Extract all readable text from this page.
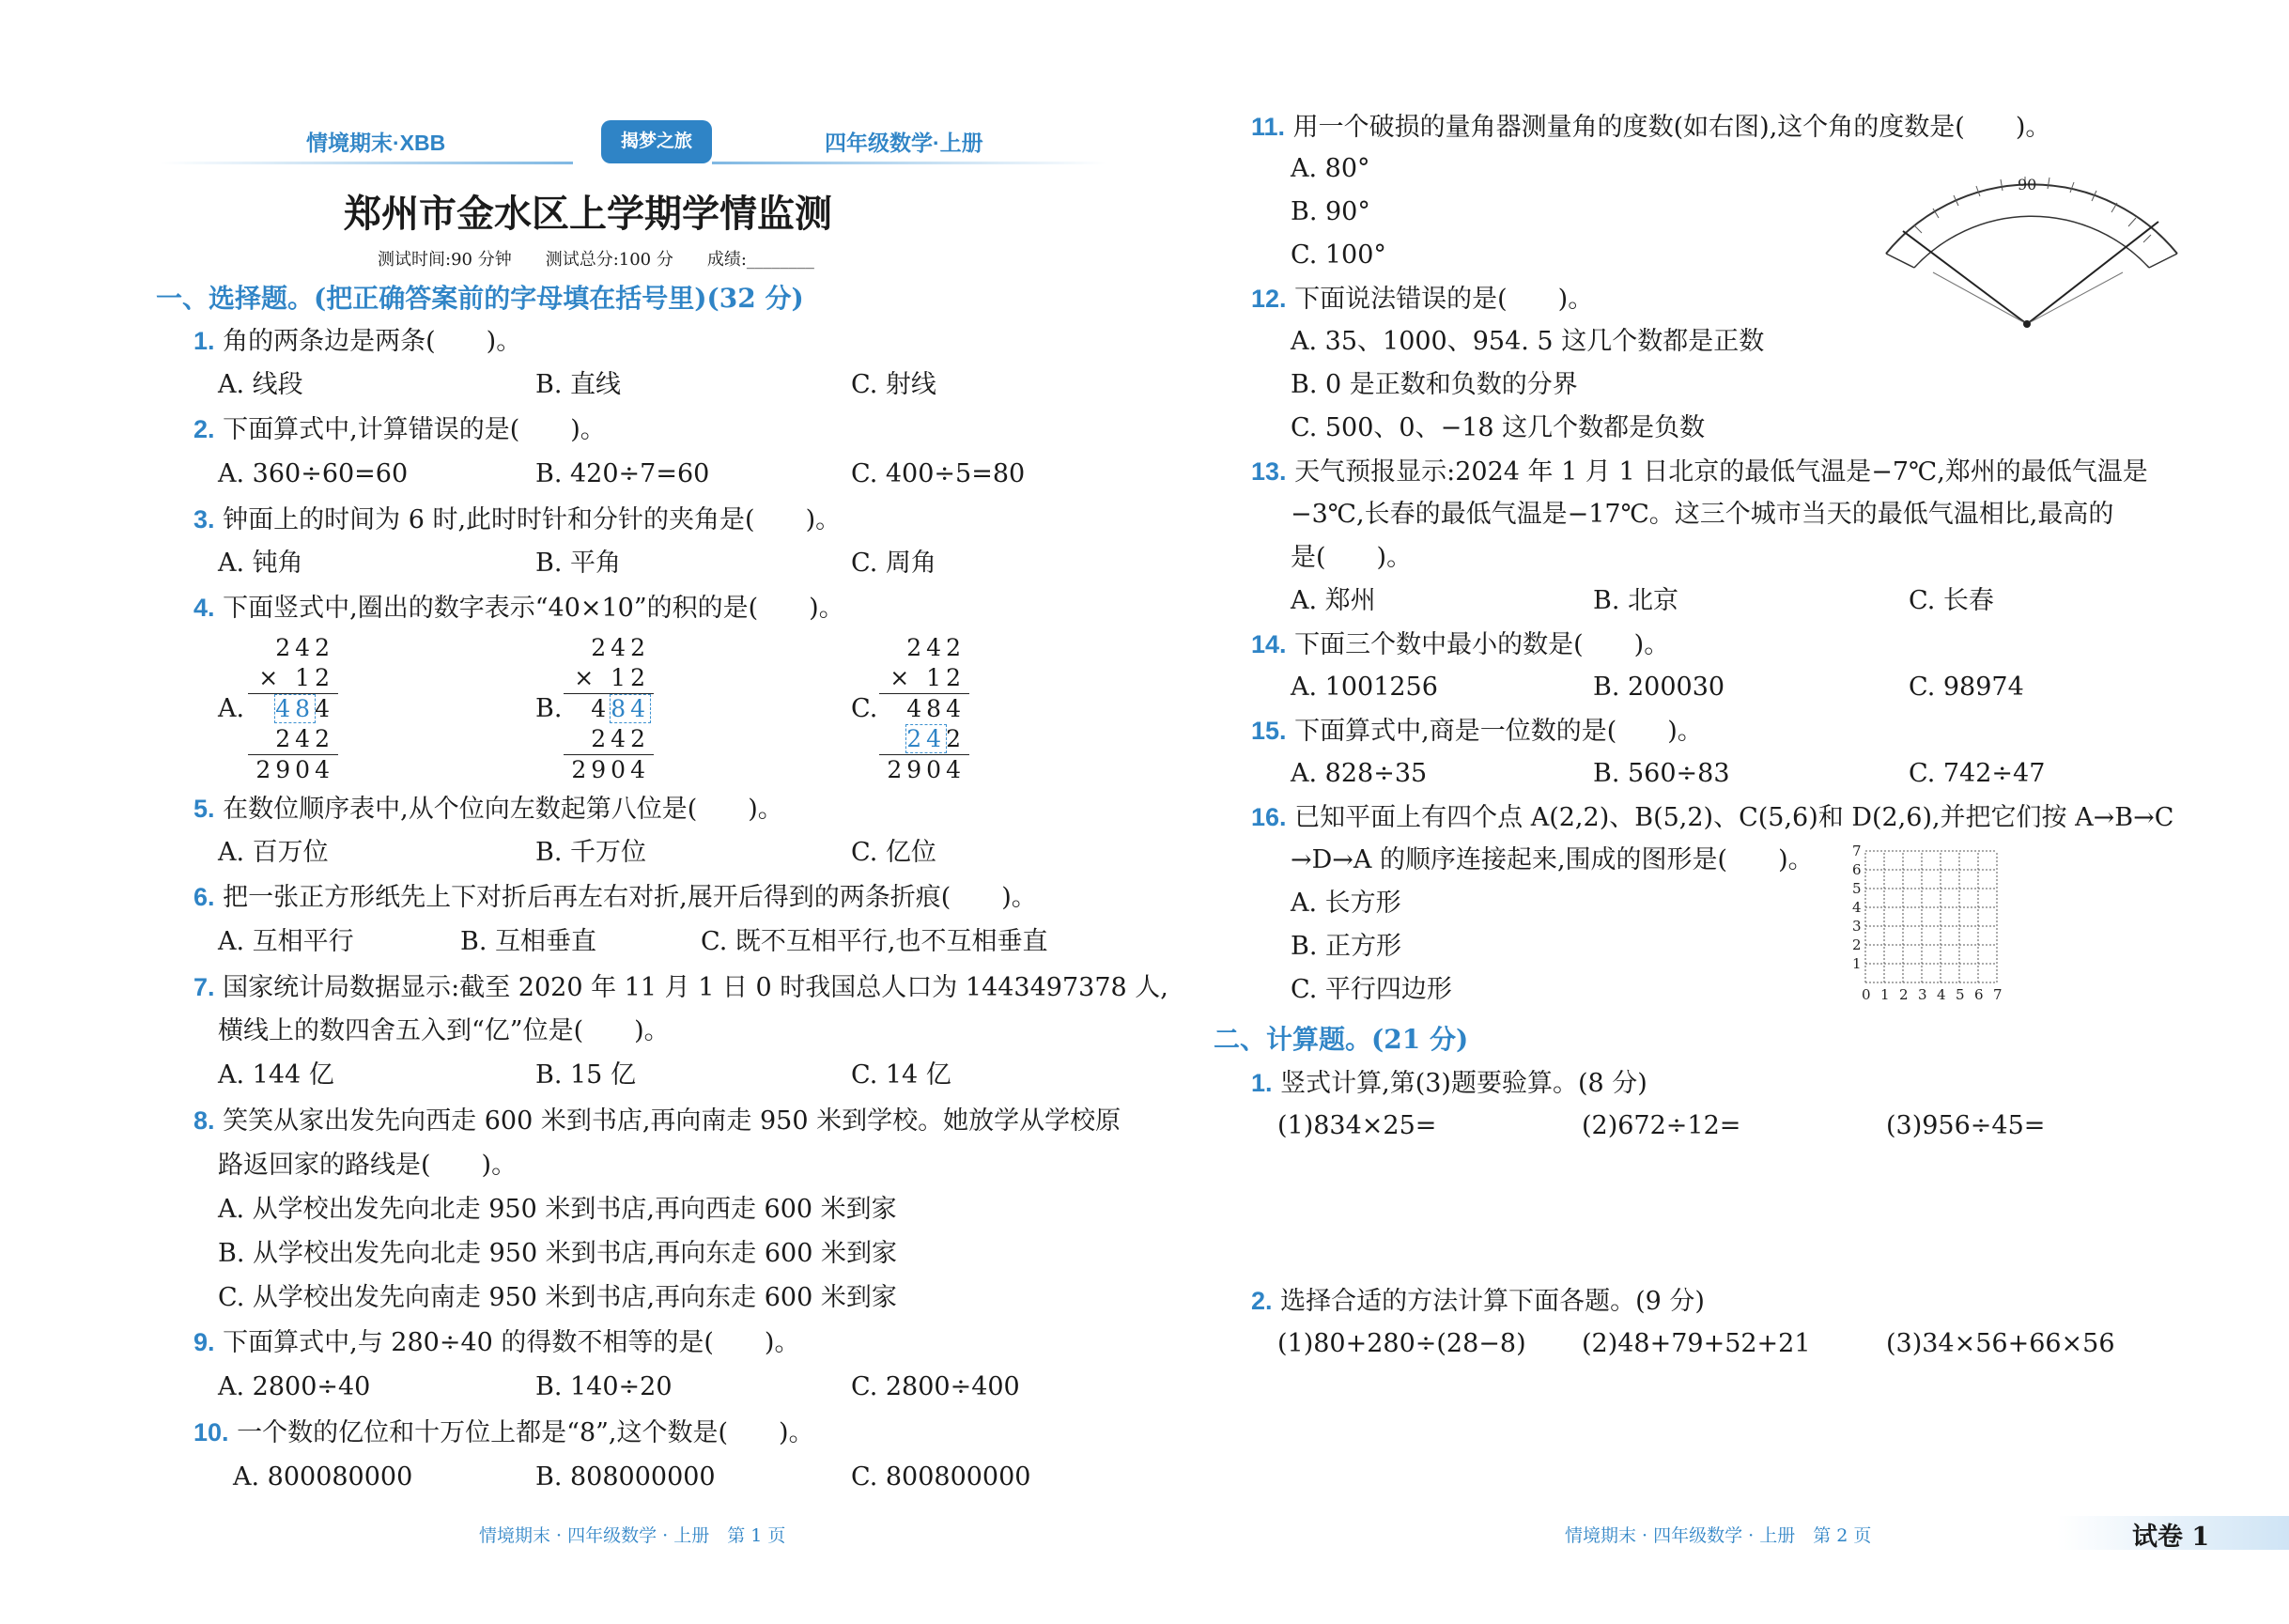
情境期末·XBB	揭梦之旅	四年级数学·上册
郑州市金水区上学期学情监测
测试时间:90 分钟　　测试总分:100 分　　成绩:________
一、选择题。(把正确答案前的字母填在括号里)(32 分)
1. 角的两条边是两条(　　)。
A. 线段	B. 直线	C. 射线
2. 下面算式中,计算错误的是(　　)。
A. 360÷60=60	B. 420÷7=60	C. 400÷5=80
3. 钟面上的时间为 6 时,此时时针和分针的夹角是(　　)。
A. 钝角	B. 平角	C. 周角
4. 下面竖式中,圈出的数字表示“40×10”的积的是(　　)。
A.
242
× 12
484
242
2904
B.
242
× 12
484
242
2904
C.
242
× 12
484
242
2904
5. 在数位顺序表中,从个位向左数起第八位是(　　)。
A. 百万位	B. 千万位	C. 亿位
6. 把一张正方形纸先上下对折后再左右对折,展开后得到的两条折痕(　　)。
A. 互相平行	B. 互相垂直	C. 既不互相平行,也不互相垂直
7. 国家统计局数据显示:截至 2020 年 11 月 1 日 0 时我国总人口为 1443497378 人,
横线上的数四舍五入到“亿”位是(　　)。
A. 144 亿	B. 15 亿	C. 14 亿
8. 笑笑从家出发先向西走 600 米到书店,再向南走 950 米到学校。她放学从学校原
路返回家的路线是(　　)。
A. 从学校出发先向北走 950 米到书店,再向西走 600 米到家
B. 从学校出发先向北走 950 米到书店,再向东走 600 米到家
C. 从学校出发先向南走 950 米到书店,再向东走 600 米到家
9. 下面算式中,与 280÷40 的得数不相等的是(　　)。
A. 2800÷40	B. 140÷20	C. 2800÷400
10. 一个数的亿位和十万位上都是“8”,这个数是(　　)。
A. 800080000	B. 808000000	C. 800800000
情境期末 · 四年级数学 · 上册　第 1 页
11. 用一个破损的量角器测量角的度数(如右图),这个角的度数是(　　)。
A. 80°
B. 90°
C. 100°
90
12. 下面说法错误的是(　　)。
A. 35、1000、954. 5 这几个数都是正数
B. 0 是正数和负数的分界
C. 500、0、−18 这几个数都是负数
13. 天气预报显示:2024 年 1 月 1 日北京的最低气温是−7℃,郑州的最低气温是
−3℃,长春的最低气温是−17℃。这三个城市当天的最低气温相比,最高的
是(　　)。
A. 郑州	B. 北京	C. 长春
14. 下面三个数中最小的数是(　　)。
A. 1001256	B. 200030	C. 98974
15. 下面算式中,商是一位数的是(　　)。
A. 828÷35	B. 560÷83	C. 742÷47
16. 已知平面上有四个点 A(2,2)、B(5,2)、C(5,6)和 D(2,6),并把它们按 A→B→C
→D→A 的顺序连接起来,围成的图形是(　　)。
A. 长方形
B. 正方形
C. 平行四边形	0 1 2 3 4 5 6 7
1
2
3
4
5
6
7
二、计算题。(21 分)
1. 竖式计算,第(3)题要验算。(8 分)
(1)834×25=	(2)672÷12=	(3)956÷45=
2. 选择合适的方法计算下面各题。(9 分)
(1)80+280÷(28−8) (2)48+79+52+21	(3)34×56+66×56
情境期末 · 四年级数学 · 上册　第 2 页	试卷 1
